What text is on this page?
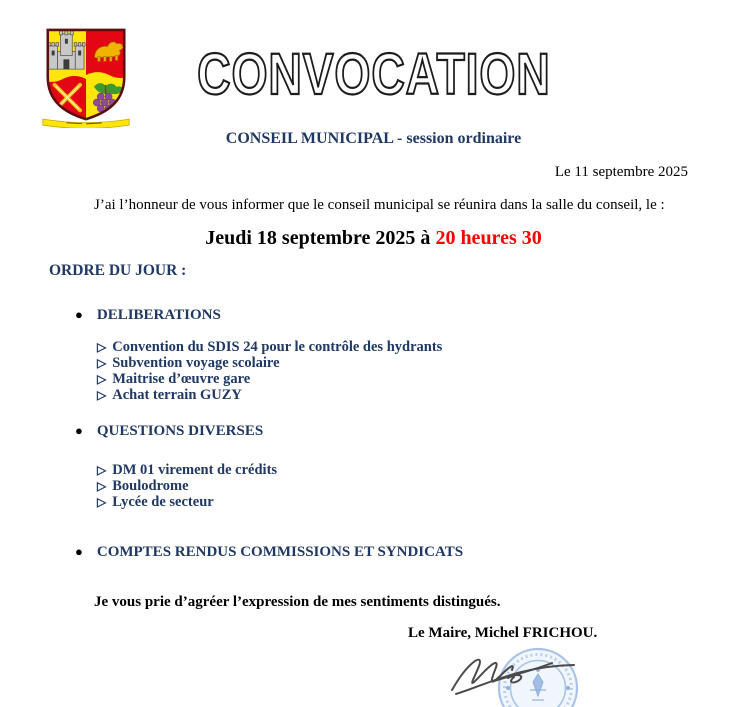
CONVOCATION
CONSEIL MUNICIPAL - session ordinaire
Le 11 septembre 2025

J’ai l’honneur de vous informer que le conseil municipal se réunira dans la salle du conseil, le :

Jeudi 18 septembre 2025 à 20 heures 30
ORDRE DU JOUR :
● DELIBERATIONS
▷ Convention du SDIS 24 pour le contrôle des hydrants
▷ Subvention voyage scolaire
▷ Maitrise d’œuvre gare
▷ Achat terrain GUZY
● QUESTIONS DIVERSES
▷ DM 01 virement de crédits
▷ Boulodrome
▷ Lycée de secteur
● COMPTES RENDUS COMMISSIONS ET SYNDICATS

Je vous prie d’agréer l’expression de mes sentiments distingués.

Le Maire, Michel FRICHOU.
